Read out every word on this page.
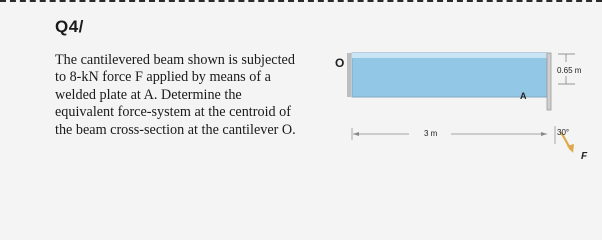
Q4/
The cantilevered beam shown is subjected
to 8-kN force F applied by means of a
welded plate at A. Determine the
equivalent force-system at the centroid of
the beam cross-section at the cantilever O.
O
A
0.65 m
3 m	30°
F
